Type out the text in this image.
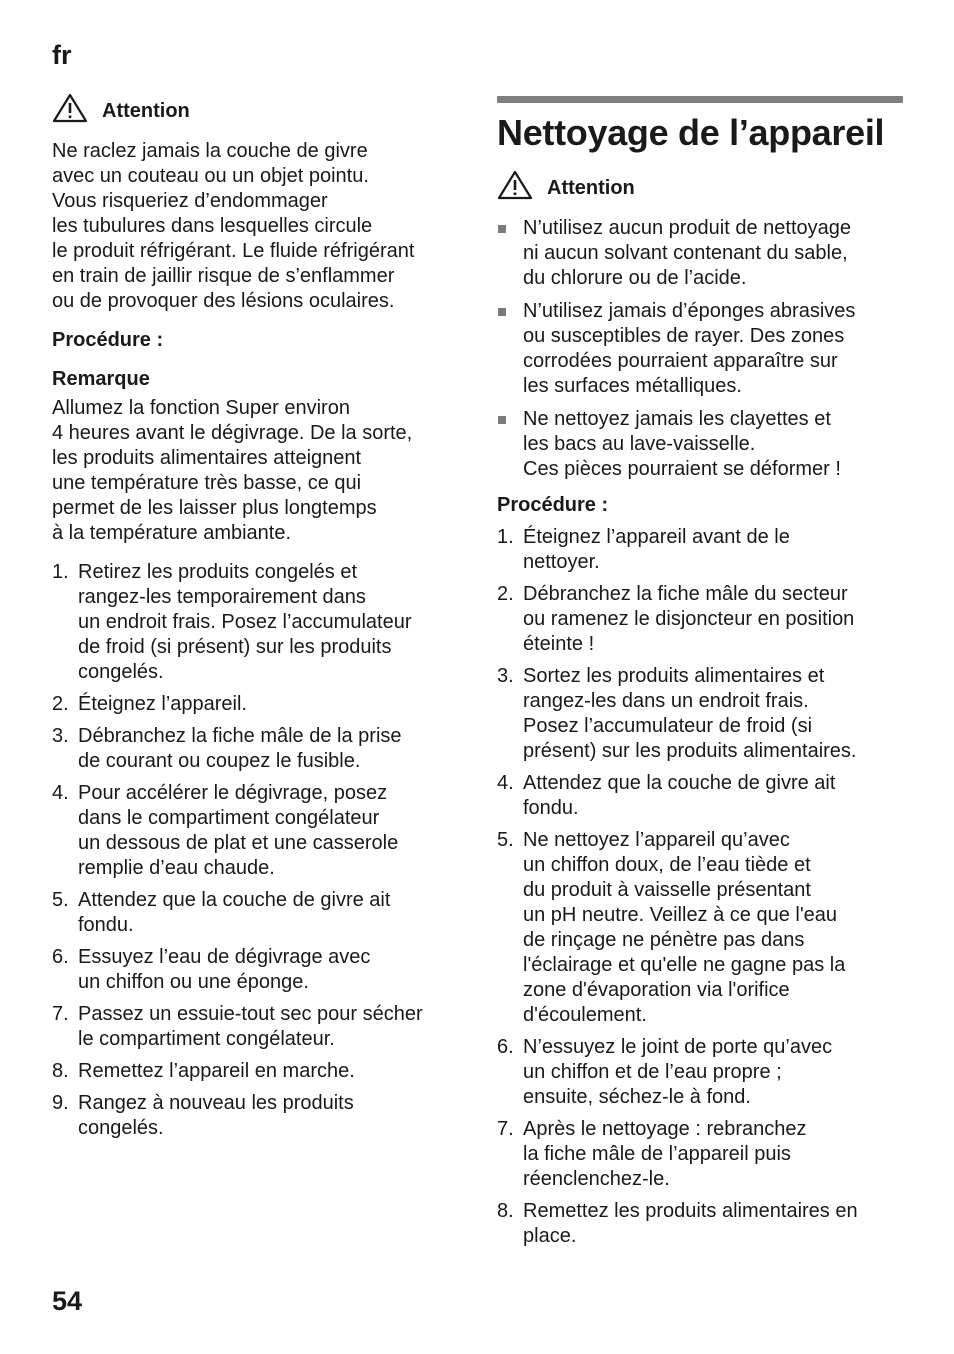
fr
Attention

Ne raclez jamais la couche de givre
avec un couteau ou un objet pointu.
Vous risqueriez d’endommager
les tubulures dans lesquelles circule
le produit réfrigérant. Le fluide réfrigérant
en train de jaillir risque de s’enflammer
ou de provoquer des lésions oculaires.

Procédure :
Remarque

Allumez la fonction Super environ
4 heures avant le dégivrage. De la sorte,
les produits alimentaires atteignent
une température très basse, ce qui
permet de les laisser plus longtemps
à la température ambiante.

1. Retirez les produits congelés et
rangez-les temporairement dans
un endroit frais. Posez l’accumulateur
de froid (si présent) sur les produits
congelés.
2. Éteignez l’appareil.
3. Débranchez la fiche mâle de la prise
de courant ou coupez le fusible.
4. Pour accélérer le dégivrage, posez
dans le compartiment congélateur
un dessous de plat et une casserole
remplie d’eau chaude.
5. Attendez que la couche de givre ait
fondu.
6. Essuyez l’eau de dégivrage avec
un chiffon ou une éponge.
7. Passez un essuie-tout sec pour sécher
le compartiment congélateur.
8. Remettez l’appareil en marche.
9. Rangez à nouveau les produits
congelés.
Nettoyage de l’appareil
Attention
N’utilisez aucun produit de nettoyage
ni aucun solvant contenant du sable,
du chlorure ou de l’acide.
N’utilisez jamais d’éponges abrasives
ou susceptibles de rayer. Des zones
corrodées pourraient apparaître sur
les surfaces métalliques.
Ne nettoyez jamais les clayettes et
les bacs au lave-vaisselle.
Ces pièces pourraient se déformer !
Procédure :
1. Éteignez l’appareil avant de le
nettoyer.
2. Débranchez la fiche mâle du secteur
ou ramenez le disjoncteur en position
éteinte !
3. Sortez les produits alimentaires et
rangez-les dans un endroit frais.
Posez l’accumulateur de froid (si
présent) sur les produits alimentaires.
4. Attendez que la couche de givre ait
fondu.
5. Ne nettoyez l’appareil qu’avec
un chiffon doux, de l’eau tiède et
du produit à vaisselle présentant
un pH neutre. Veillez à ce que l'eau
de rinçage ne pénètre pas dans
l'éclairage et qu'elle ne gagne pas la
zone d'évaporation via l'orifice
d'écoulement.
6. N’essuyez le joint de porte qu’avec
un chiffon et de l’eau propre ;
ensuite, séchez-le à fond.
7. Après le nettoyage : rebranchez
la fiche mâle de l’appareil puis
réenclenchez-le.
8. Remettez les produits alimentaires en
place.
54
